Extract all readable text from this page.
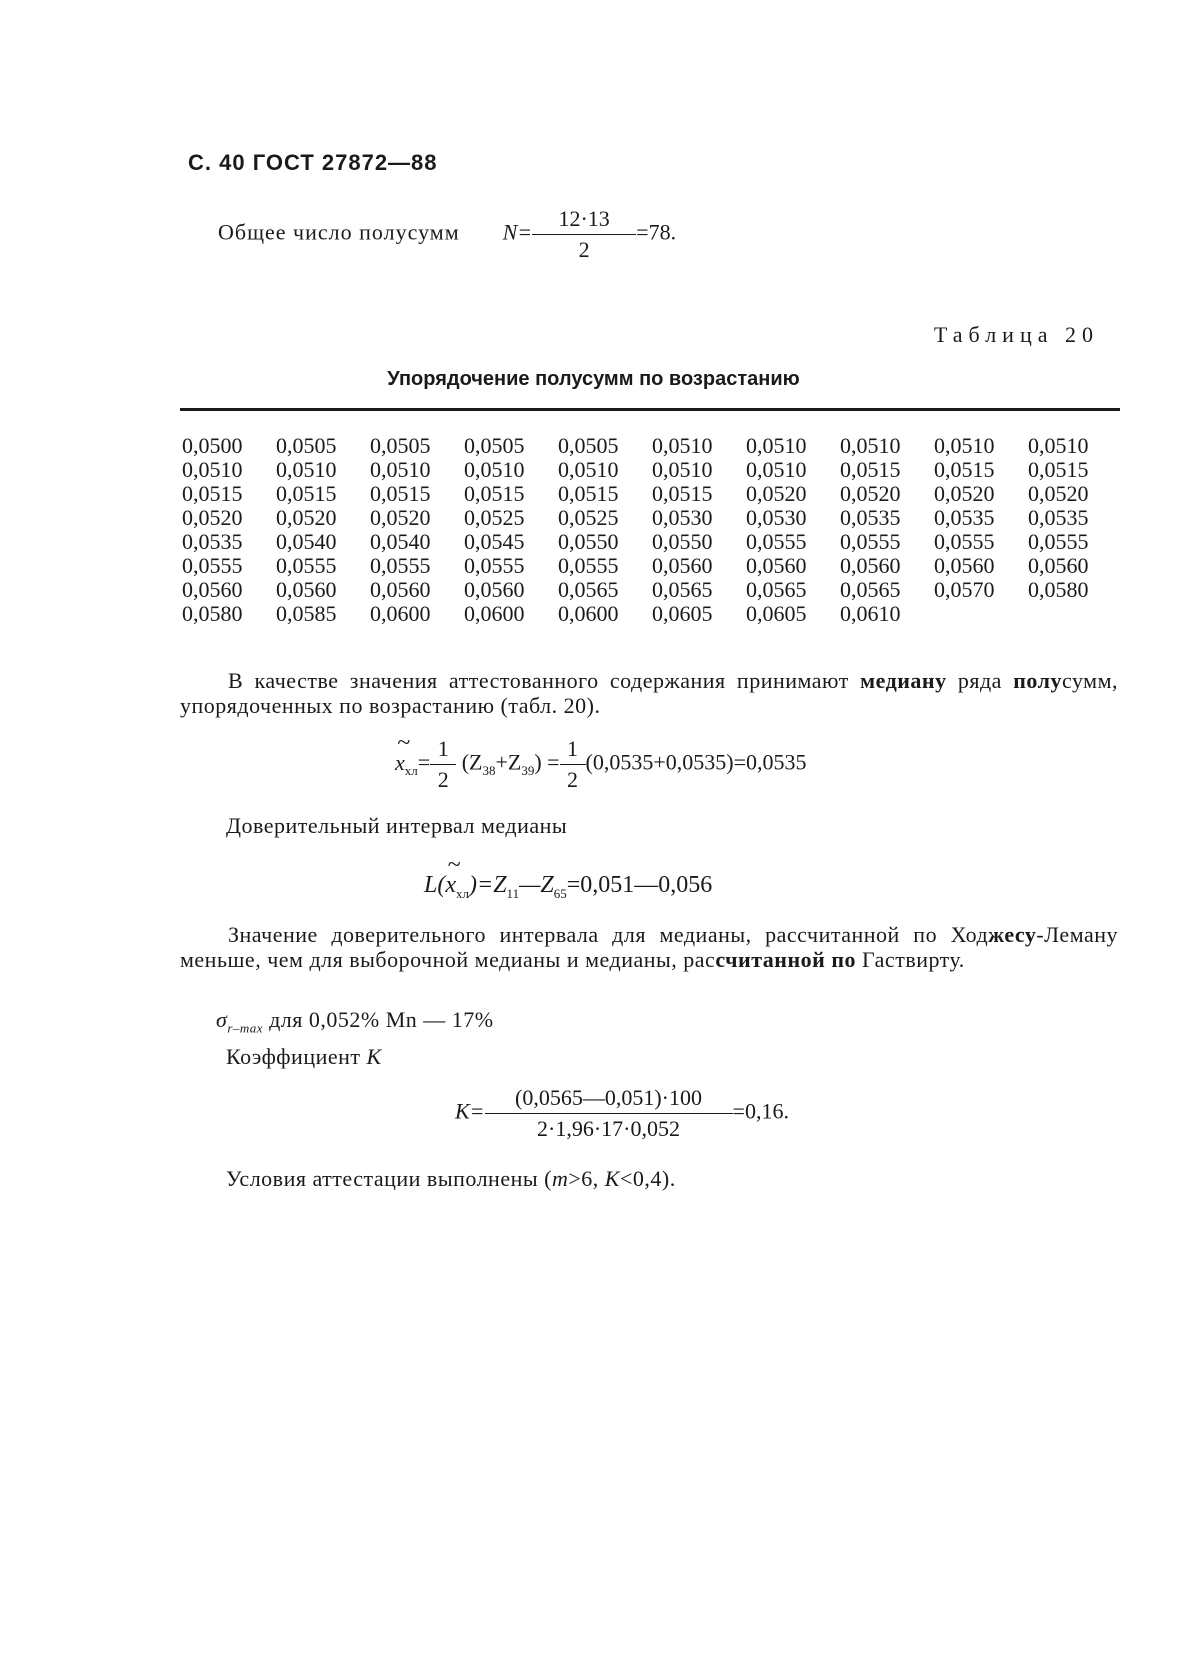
С. 40 ГОСТ 27872—88
Общее число полусумм $N= \frac{12\cdot 13}{2} =78$.
Таблица 20
Упорядочение полусумм по возрастанию
0,0500	0,0505	0,0505	0,0505	0,0505	0,0510	0,0510	0,0510	0,0510	0,0510
0,0510	0,0510	0,0510	0,0510	0,0510	0,0510	0,0510	0,0515	0,0515	0,0515
0,0515	0,0515	0,0515	0,0515	0,0515	0,0515	0,0520	0,0520	0,0520	0,0520
0,0520	0,0520	0,0520	0,0525	0,0525	0,0530	0,0530	0,0535	0,0535	0,0535
0,0535	0,0540	0,0540	0,0545	0,0550	0,0550	0,0555	0,0555	0,0555	0,0555
0,0555	0,0555	0,0555	0,0555	0,0555	0,0560	0,0560	0,0560	0,0560	0,0560
0,0560	0,0560	0,0560	0,0560	0,0565	0,0565	0,0565	0,0565	0,0570	0,0580
0,0580	0,0585	0,0600	0,0600	0,0600	0,0605	0,0605	0,0610
В качестве значения аттестованного содержания принимают медиану ряда полусумм, упорядоченных по возрастанию (табл. 20).
~ $x_{хл}= \frac{1}{2} (Z_{38}+Z_{39}) = \frac{1}{2} (0,0535+0,0535)=0,0535$
Доверительный интервал медианы
L(~ $x_{хл})=Z_{11}—Z_{65}=0,051—0,056$
Значение доверительного интервала для медианы, рассчитанной по Ходжесу-Леману меньше, чем для выборочной медианы и медианы, рассчитанной по Гаствирту.
$\sigma_{r-max}$ для 0,052% Mn — 17%
Коэффициент K
$K= \frac{(0,0565—0,051)\cdot 100}{2\cdot 1,96\cdot 17\cdot 0,052} =0,16$.
Условия аттестации выполнены (m>6, K<0,4).
